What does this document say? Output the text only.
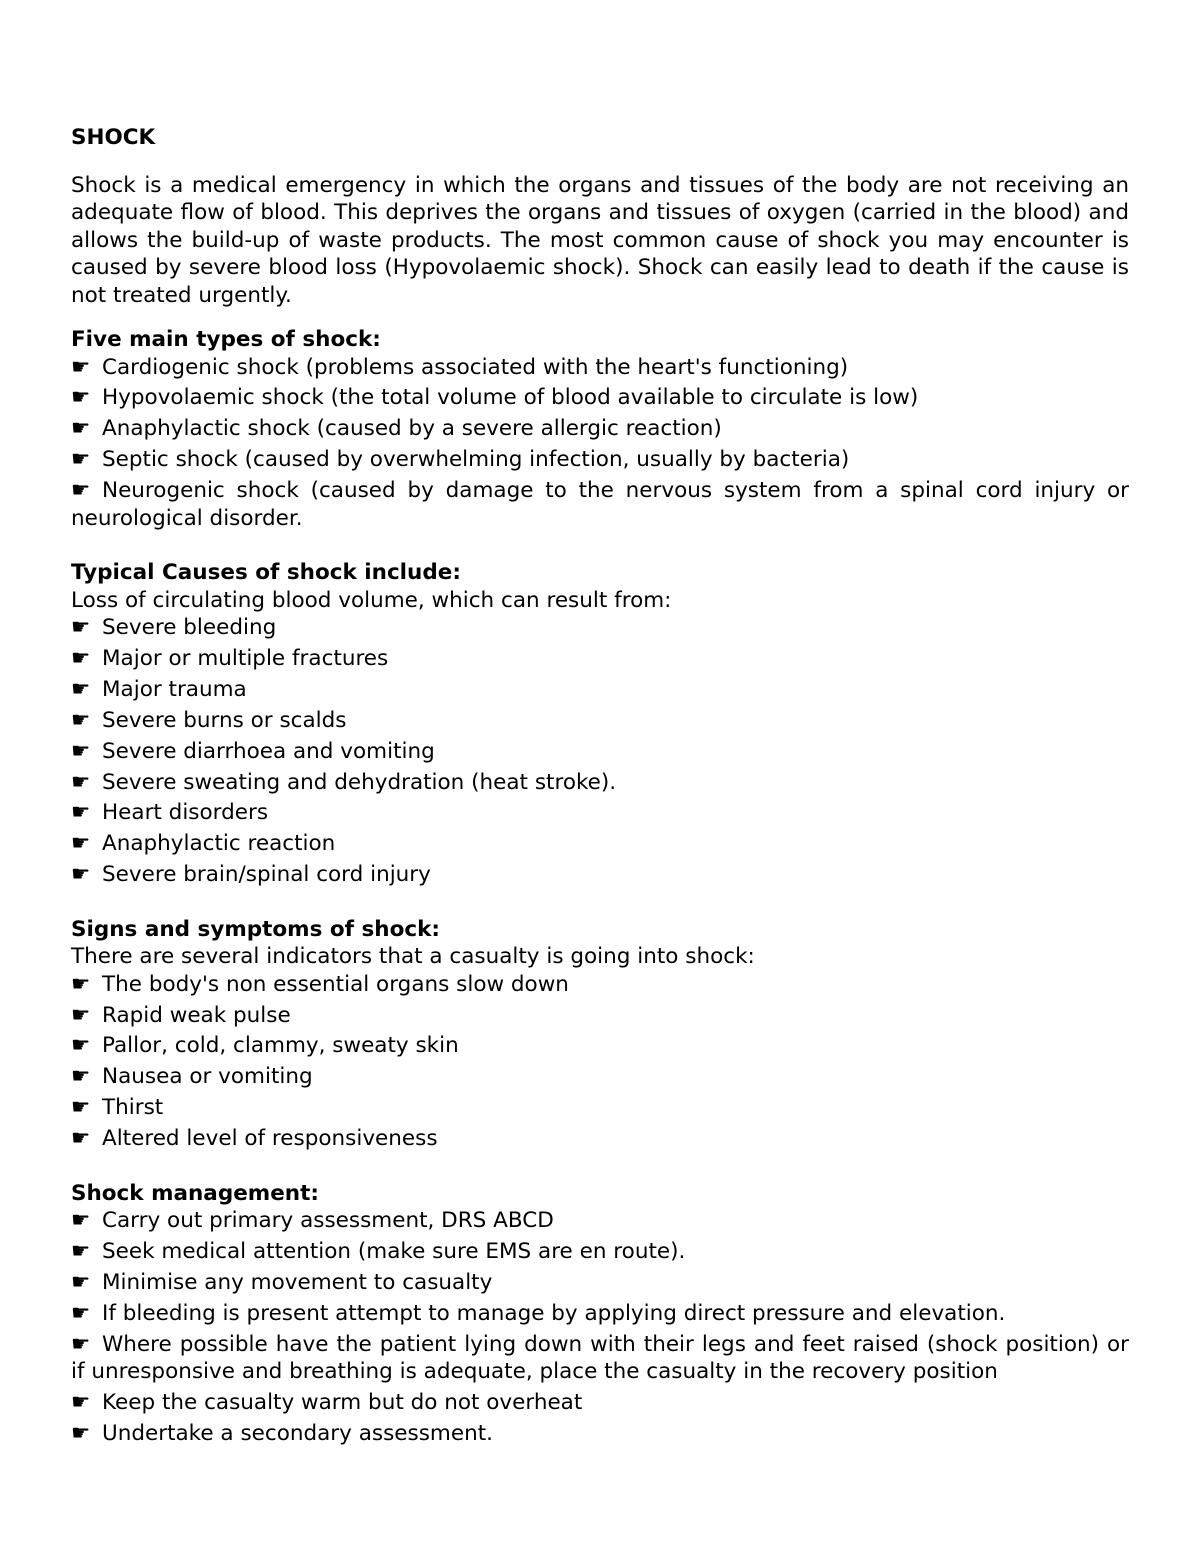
SHOCK
Shock is a medical emergency in which the organs and tissues of the body are not receiving an adequate flow of blood. This deprives the organs and tissues of oxygen (carried in the blood) and allows the build-up of waste products. The most common cause of shock you may encounter is caused by severe blood loss (Hypovolaemic shock). Shock can easily lead to death if the cause is not treated urgently.
Five main types of shock:
☛ Cardiogenic shock (problems associated with the heart's functioning)
☛ Hypovolaemic shock (the total volume of blood available to circulate is low)
☛ Anaphylactic shock (caused by a severe allergic reaction)
☛ Septic shock (caused by overwhelming infection, usually by bacteria)
☛ Neurogenic shock (caused by damage to the nervous system from a spinal cord injury or neurological disorder.
Typical Causes of shock include:
Loss of circulating blood volume, which can result from:
☛ Severe bleeding
☛ Major or multiple fractures
☛ Major trauma
☛ Severe burns or scalds
☛ Severe diarrhoea and vomiting
☛ Severe sweating and dehydration (heat stroke).
☛ Heart disorders
☛ Anaphylactic reaction
☛ Severe brain/spinal cord injury
Signs and symptoms of shock:
There are several indicators that a casualty is going into shock:
☛ The body's non essential organs slow down
☛ Rapid weak pulse
☛ Pallor, cold, clammy, sweaty skin
☛ Nausea or vomiting
☛ Thirst
☛ Altered level of responsiveness
Shock management:
☛ Carry out primary assessment, DRS ABCD
☛ Seek medical attention (make sure EMS are en route).
☛ Minimise any movement to casualty
☛ If bleeding is present attempt to manage by applying direct pressure and elevation.
☛ Where possible have the patient lying down with their legs and feet raised (shock position) or if unresponsive and breathing is adequate, place the casualty in the recovery position
☛ Keep the casualty warm but do not overheat
☛ Undertake a secondary assessment.
